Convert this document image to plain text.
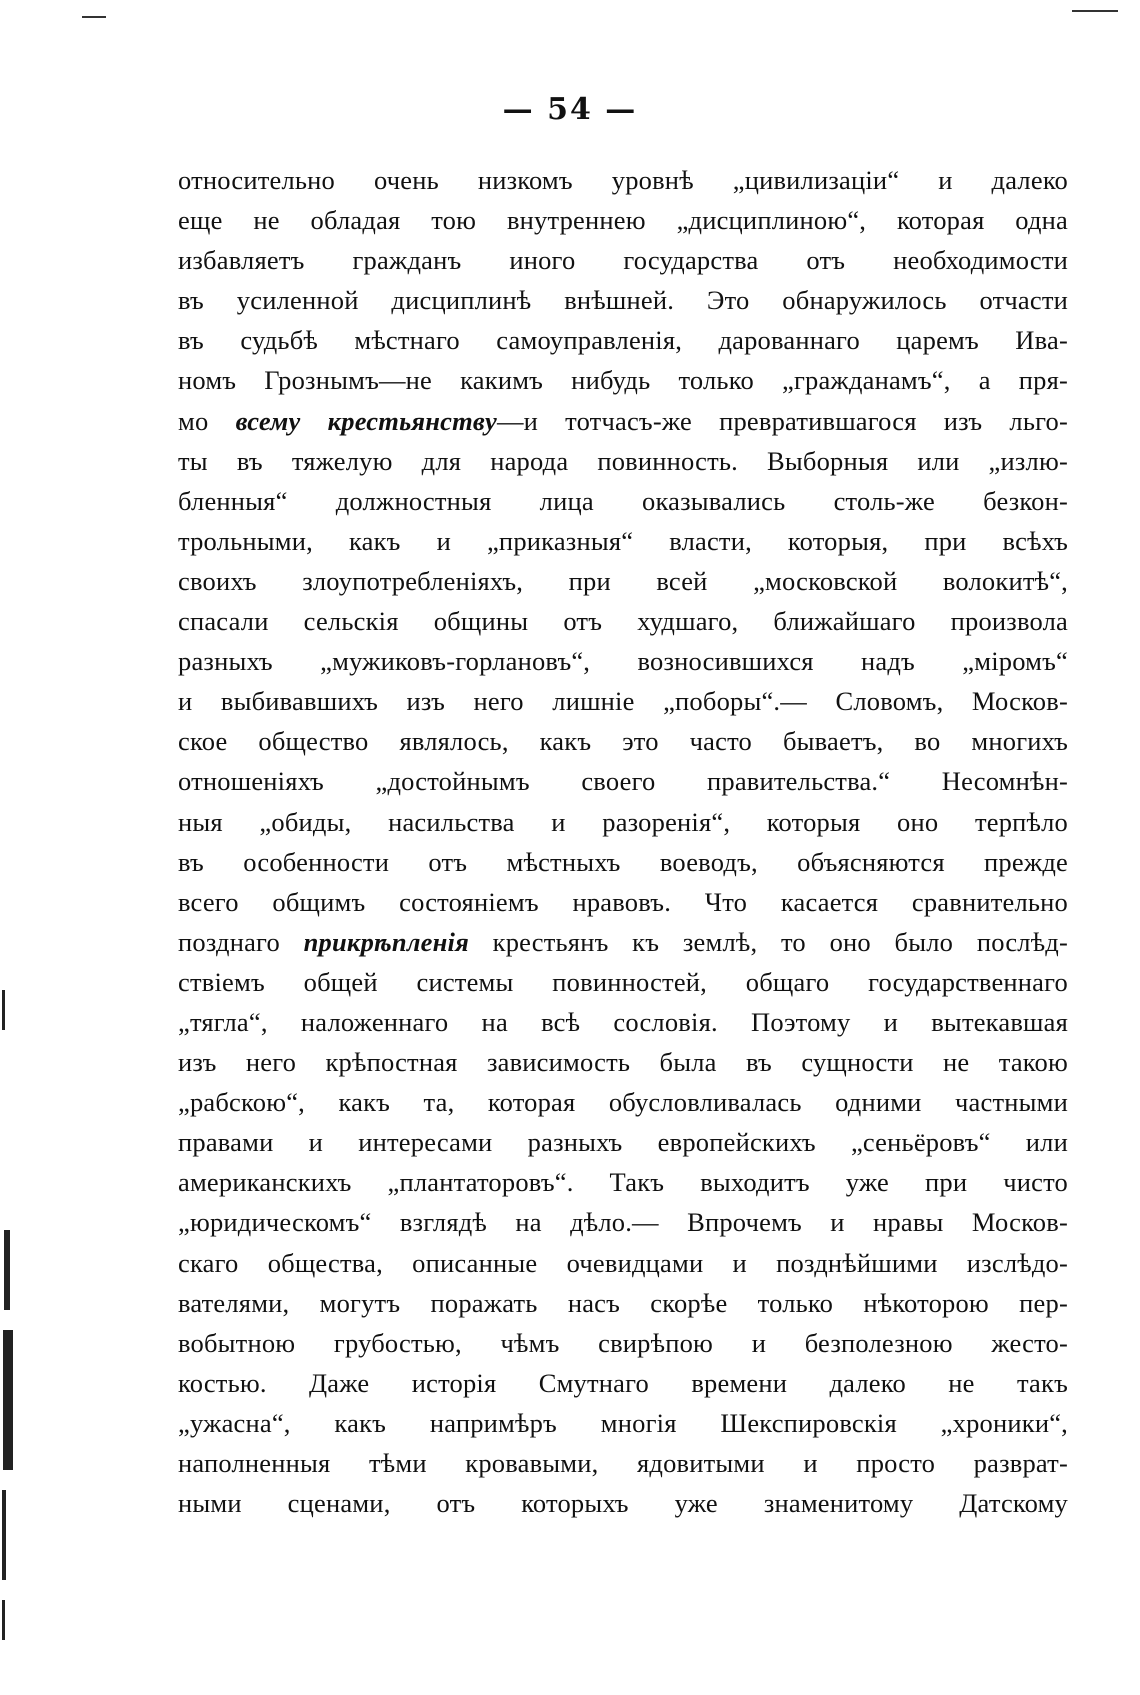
— 54 —
относительно очень низкомъ уровнѣ „цивилизаціи“ и далеко
еще не обладая тою внутреннею „дисциплиною“, которая одна
избавляетъ гражданъ иного государства отъ необходимости
въ усиленной дисциплинѣ внѣшней. Это обнаружилось отчасти
въ судьбѣ мѣстнаго самоуправленія, дарованнаго царемъ Ива-
номъ Грознымъ—не какимъ нибудь только „гражданамъ“, а пря-
мо всему крестьянству—и тотчасъ-же превратившагося изъ льго-
ты въ тяжелую для народа повинность. Выборныя или „излю-
бленныя“ должностныя лица оказывались столь-же безкон-
трольными, какъ и „приказныя“ власти, которыя, при всѣхъ
своихъ злоупотребленіяхъ, при всей „московской волокитѣ“,
спасали сельскія общины отъ худшаго, ближайшаго произвола
разныхъ „мужиковъ-горлановъ“, возносившихся надъ „міромъ“
и выбивавшихъ изъ него лишніе „поборы“.— Словомъ, Москов-
ское общество являлось, какъ это часто бываетъ, во многихъ
отношеніяхъ „достойнымъ своего правительства.“ Несомнѣн-
ныя „обиды, насильства и разоренія“, которыя оно терпѣло
въ особенности отъ мѣстныхъ воеводъ, объясняются прежде
всего общимъ состояніемъ нравовъ. Что касается сравнительно
позднаго прикрѣпленія крестьянъ къ землѣ, то оно было послѣд-
ствіемъ общей системы повинностей, общаго государственнаго
„тягла“, наложеннаго на всѣ сословія. Поэтому и вытекавшая
изъ него крѣпостная зависимость была въ сущности не такою
„рабскою“, какъ та, которая обусловливалась одними частными
правами и интересами разныхъ европейскихъ „сеньёровъ“ или
американскихъ „плантаторовъ“. Такъ выходитъ уже при чисто
„юридическомъ“ взглядѣ на дѣло.— Впрочемъ и нравы Москов-
скаго общества, описанные очевидцами и позднѣйшими изслѣдо-
вателями, могутъ поражать насъ скорѣе только нѣкоторою пер-
вобытною грубостью, чѣмъ свирѣпою и безполезною жесто-
костью. Даже исторія Смутнаго времени далеко не такъ
„ужасна“, какъ напримѣръ многія Шекспировскія „хроники“,
наполненныя тѣми кровавыми, ядовитыми и просто разврат-
ными сценами, отъ которыхъ уже знаменитому Датскому
